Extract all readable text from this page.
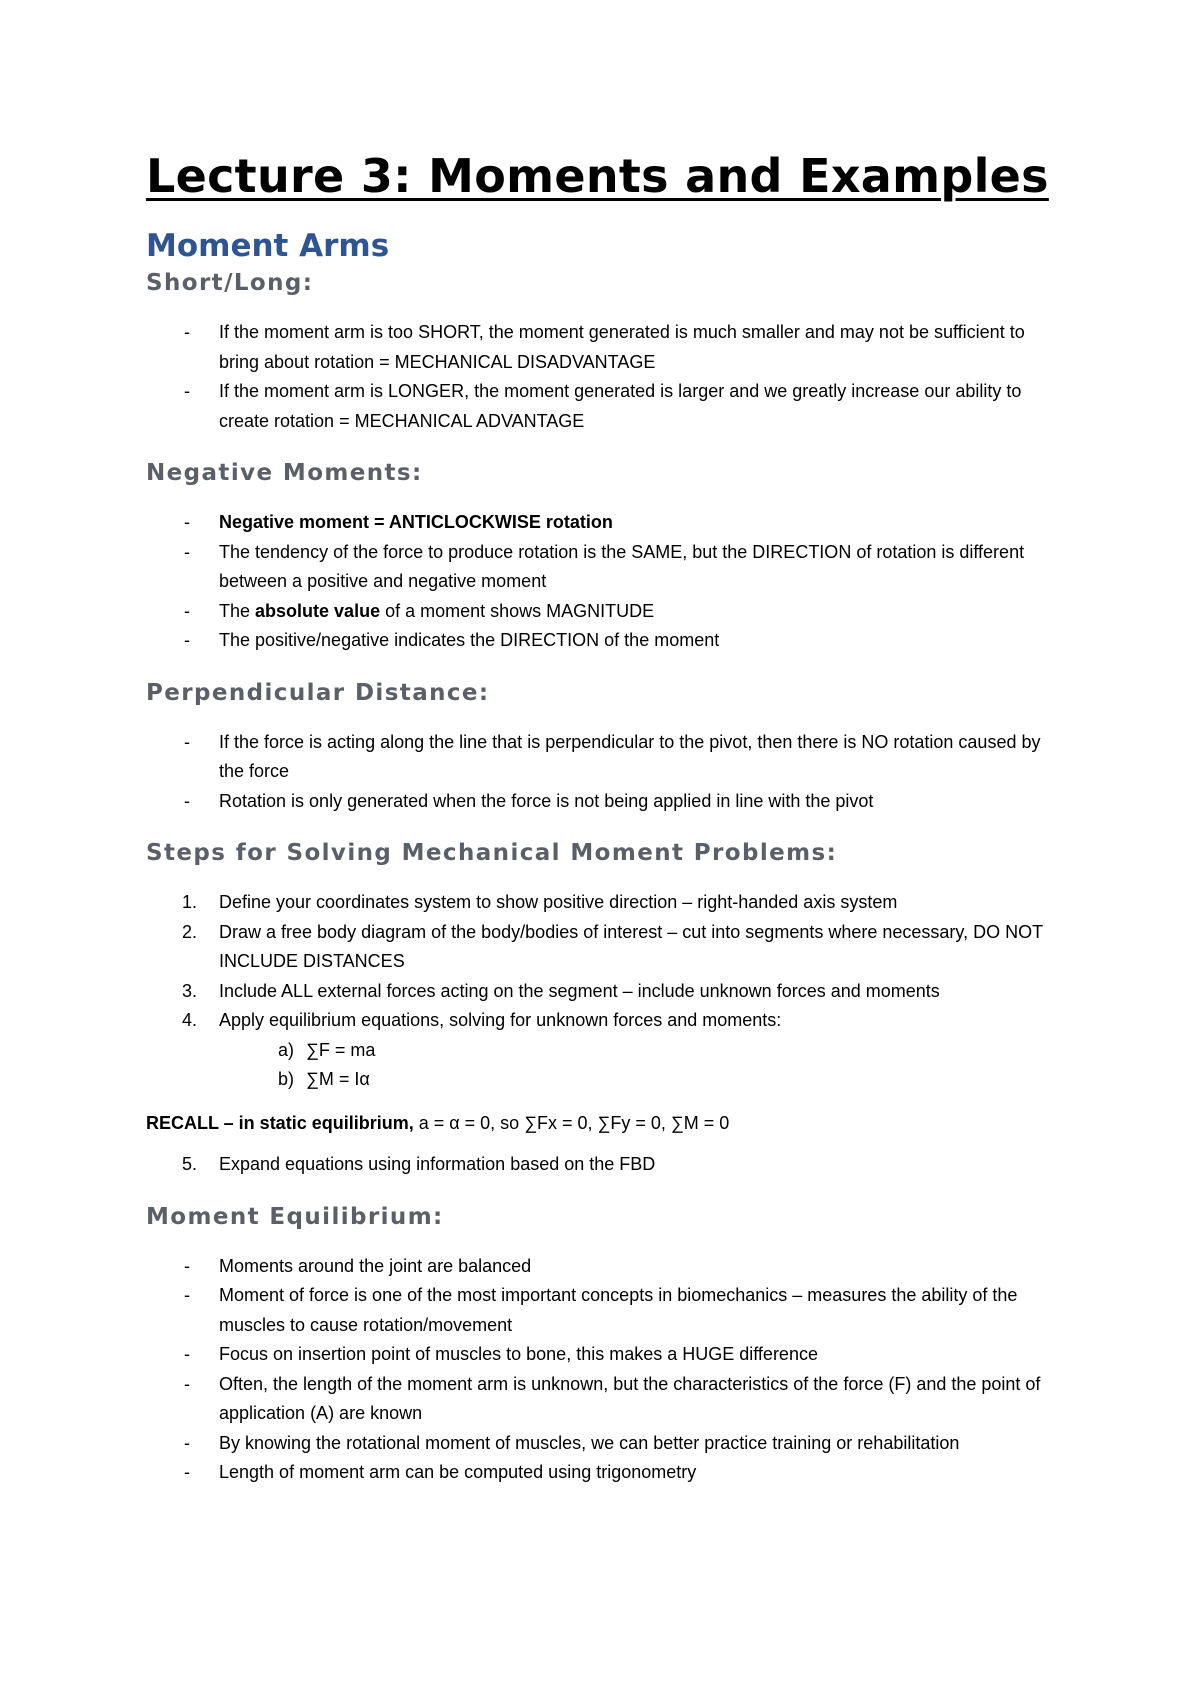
Lecture 3: Moments and Examples
Moment Arms
Short/Long:
- If the moment arm is too SHORT, the moment generated is much smaller and may not be sufficient to bring about rotation = MECHANICAL DISADVANTAGE
- If the moment arm is LONGER, the moment generated is larger and we greatly increase our ability to create rotation = MECHANICAL ADVANTAGE
Negative Moments:
- Negative moment = ANTICLOCKWISE rotation
- The tendency of the force to produce rotation is the SAME, but the DIRECTION of rotation is different between a positive and negative moment
- The absolute value of a moment shows MAGNITUDE
- The positive/negative indicates the DIRECTION of the moment
Perpendicular Distance:
- If the force is acting along the line that is perpendicular to the pivot, then there is NO rotation caused by the force
- Rotation is only generated when the force is not being applied in line with the pivot
Steps for Solving Mechanical Moment Problems:
1. Define your coordinates system to show positive direction – right-handed axis system
2. Draw a free body diagram of the body/bodies of interest – cut into segments where necessary, DO NOT INCLUDE DISTANCES
3. Include ALL external forces acting on the segment – include unknown forces and moments
4. Apply equilibrium equations, solving for unknown forces and moments:
a) ∑F = ma
b) ∑M = Iα

RECALL – in static equilibrium, a = α = 0, so ∑Fx = 0, ∑Fy = 0, ∑M = 0

5. Expand equations using information based on the FBD
Moment Equilibrium:
- Moments around the joint are balanced
- Moment of force is one of the most important concepts in biomechanics – measures the ability of the muscles to cause rotation/movement
- Focus on insertion point of muscles to bone, this makes a HUGE difference
- Often, the length of the moment arm is unknown, but the characteristics of the force (F) and the point of application (A) are known
- By knowing the rotational moment of muscles, we can better practice training or rehabilitation
- Length of moment arm can be computed using trigonometry
